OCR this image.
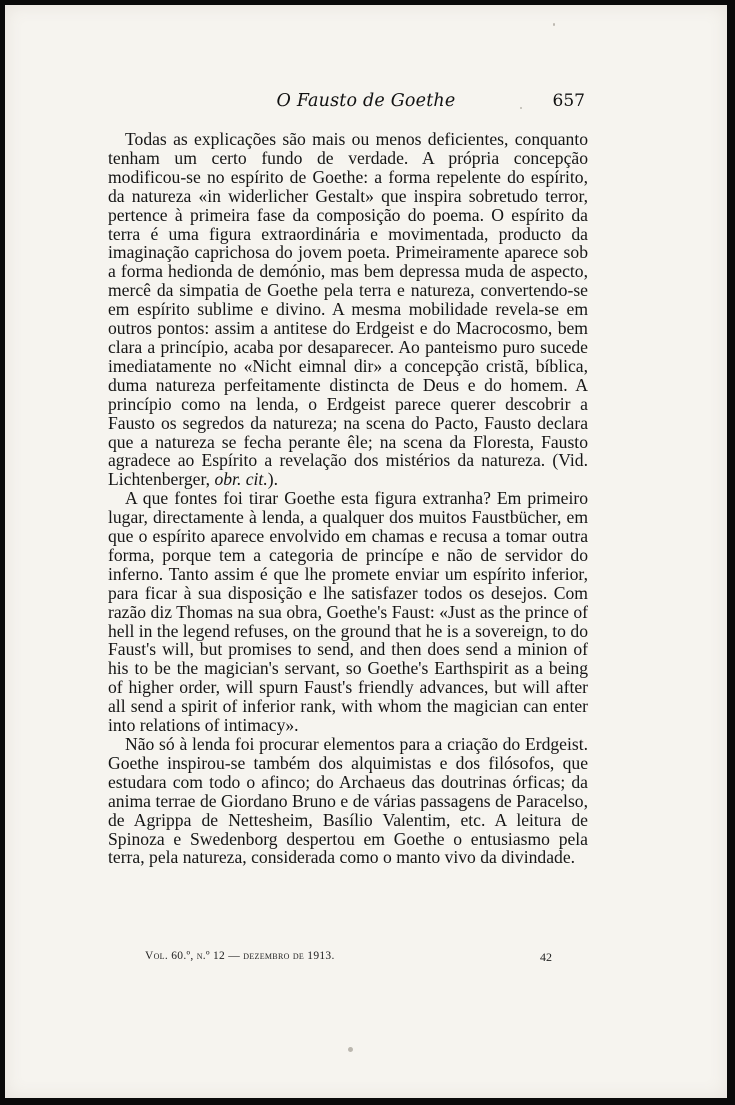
O Fausto de Goethe	657

Todas as explicações são mais ou menos deficientes, conquanto tenham um certo fundo de verdade. A própria concepção modificou-se no espírito de Goethe: a forma repelente do espírito, da natureza «in widerlicher Gestalt» que inspira sobretudo terror, pertence à primeira fase da composição do poema. O espírito da terra é uma figura extraordinária e movimentada, producto da imaginação caprichosa do jovem poeta. Primeiramente aparece sob a forma hedionda de demónio, mas bem depressa muda de aspecto, mercê da simpatia de Goethe pela terra e natureza, convertendo-se em espírito sublime e divino. A mesma mobilidade revela-se em outros pontos: assim a antitese do Erdgeist e do Macrocosmo, bem clara a princípio, acaba por desaparecer. Ao panteismo puro sucede imediatamente no «Nicht eimnal dir» a concepção cristã, bíblica, duma natureza perfeitamente distincta de Deus e do homem. A princípio como na lenda, o Erdgeist parece querer descobrir a Fausto os segredos da natureza; na scena do Pacto, Fausto declara que a natureza se fecha perante êle; na scena da Floresta, Fausto agradece ao Espírito a revelação dos mistérios da natureza. (Vid. Lichtenberger, obr. cit.).

A que fontes foi tirar Goethe esta figura extranha? Em primeiro lugar, directamente à lenda, a qualquer dos muitos Faustbücher, em que o espírito aparece envolvido em chamas e recusa a tomar outra forma, porque tem a categoria de princípe e não de servidor do inferno. Tanto assim é que lhe promete enviar um espírito inferior, para ficar à sua disposição e lhe satisfazer todos os desejos. Com razão diz Thomas na sua obra, Goethe's Faust: «Just as the prince of hell in the legend refuses, on the ground that he is a sovereign, to do Faust's will, but promises to send, and then does send a minion of his to be the magician's servant, so Goethe's Earthspirit as a being of higher order, will spurn Faust's friendly advances, but will after all send a spirit of inferior rank, with whom the magician can enter into relations of intimacy».

Não só à lenda foi procurar elementos para a criação do Erdgeist. Goethe inspirou-se também dos alquimistas e dos filósofos, que estudara com todo o afinco; do Archaeus das doutrinas órficas; da anima terrae de Giordano Bruno e de várias passagens de Paracelso, de Agrippa de Nettesheim, Basílio Valentim, etc. A leitura de Spinoza e Swedenborg despertou em Goethe o entusiasmo pela terra, pela natureza, considerada como o manto vivo da divindade.

Vol. 60.º, n.º 12 — dezembro de 1913.	42
